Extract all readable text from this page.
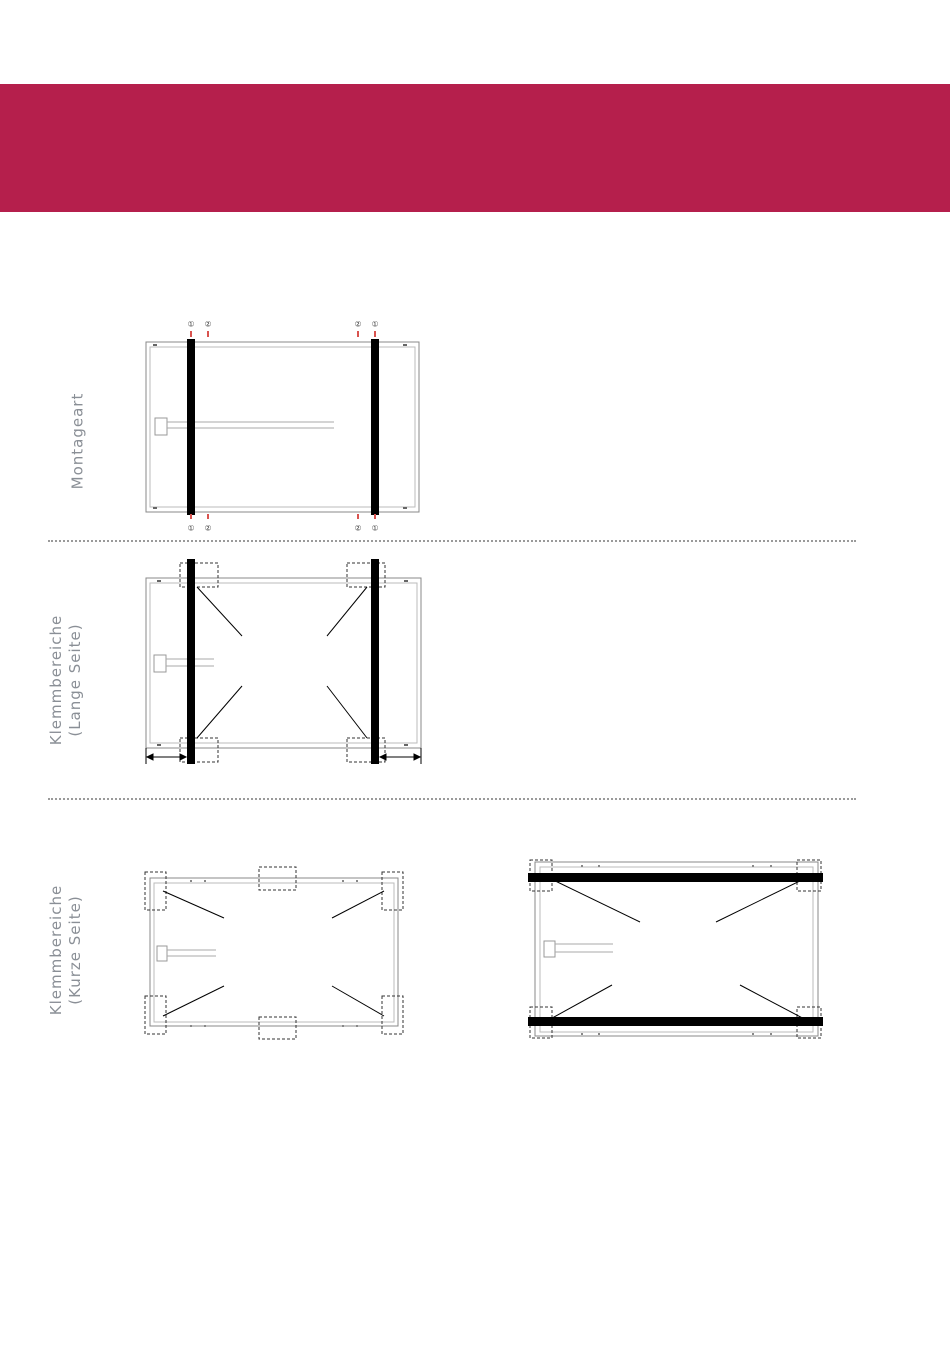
Montageart
① ②	② ①
① ②	② ①
Klemmbereiche (Lange Seite)
Klemmbereiche (Kurze Seite)
